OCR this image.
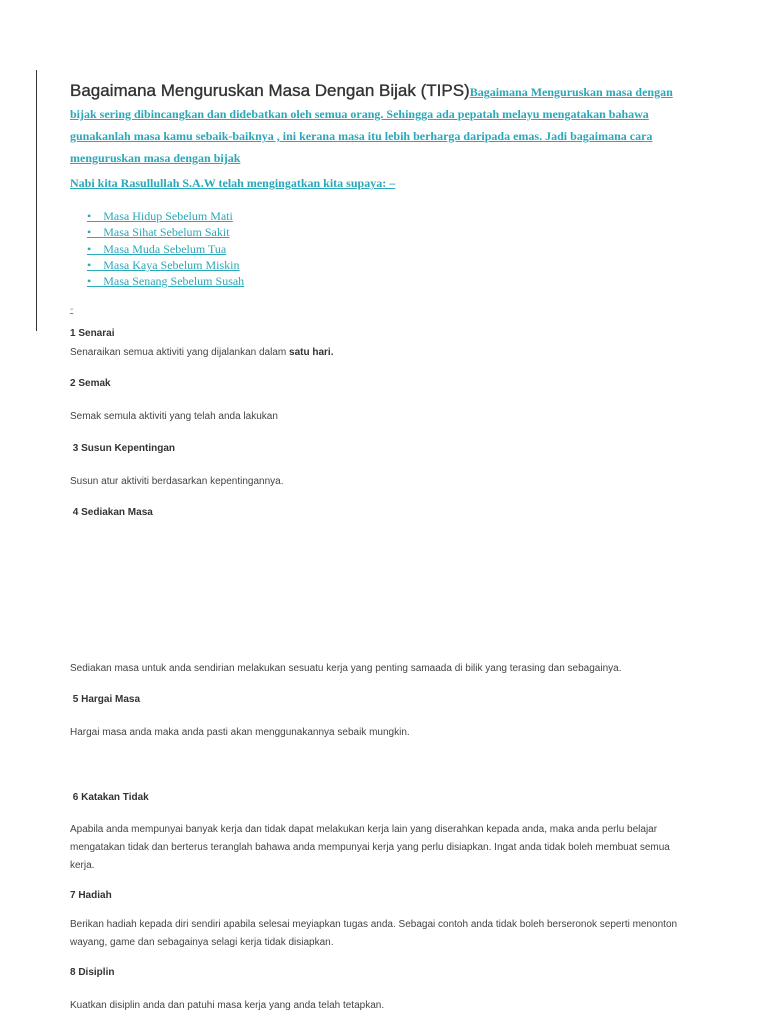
Bagaimana Menguruskan Masa Dengan Bijak (TIPS)Bagaimana Menguruskan masa dengan bijak sering dibincangkan dan didebatkan oleh semua orang. Sehingga ada pepatah melayu mengatakan bahawa gunakanlah masa kamu sebaik-baiknya , ini kerana masa itu lebih berharga daripada emas. Jadi bagaimana cara menguruskan masa dengan bijak
Nabi kita Rasullullah S.A.W telah mengingatkan kita supaya: –
• Masa Hidup Sebelum Mati
• Masa Sihat Sebelum Sakit
• Masa Muda Sebelum Tua
• Masa Kaya Sebelum Miskin
• Masa Senang Sebelum Susah
-

1 Senarai

Senaraikan semua aktiviti yang dijalankan dalam satu hari.

2 Semak

Semak semula aktiviti yang telah anda lakukan

3 Susun Kepentingan

Susun atur aktiviti berdasarkan kepentingannya.

4 Sediakan Masa

Sediakan masa untuk anda sendirian melakukan sesuatu kerja yang penting samaada di bilik yang terasing dan sebagainya.

5 Hargai Masa

Hargai masa anda maka anda pasti akan menggunakannya sebaik mungkin.

6 Katakan Tidak

Apabila anda mempunyai banyak kerja dan tidak dapat melakukan kerja lain yang diserahkan kepada anda, maka anda perlu belajar mengatakan tidak dan berterus teranglah bahawa anda mempunyai kerja yang perlu disiapkan. Ingat anda tidak boleh membuat semua kerja.

7 Hadiah

Berikan hadiah kepada diri sendiri apabila selesai meyiapkan tugas anda. Sebagai contoh anda tidak boleh berseronok seperti menonton wayang, game dan sebagainya selagi kerja tidak disiapkan.

8 Disiplin

Kuatkan disiplin anda dan patuhi masa kerja yang anda telah tetapkan.
